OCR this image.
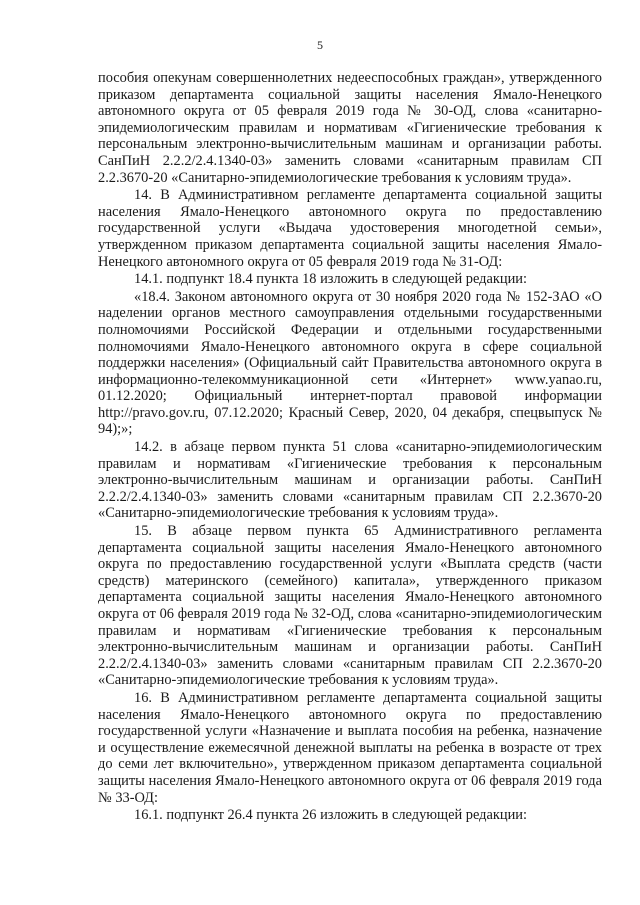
5

пособия опекунам совершеннолетних недееспособных граждан», утвержденного приказом департамента социальной защиты населения Ямало-Ненецкого автономного округа от 05 февраля 2019 года № 30-ОД, слова «санитарно-эпидемиологическим правилам и нормативам «Гигиенические требования к персональным электронно-вычислительным машинам и организации работы. СанПиН 2.2.2/2.4.1340-03» заменить словами «санитарным правилам СП 2.2.3670-20 «Санитарно-эпидемиологические требования к условиям труда».

14. В Административном регламенте департамента социальной защиты населения Ямало-Ненецкого автономного округа по предоставлению государственной услуги «Выдача удостоверения многодетной семьи», утвержденном приказом департамента социальной защиты населения Ямало-Ненецкого автономного округа от 05 февраля 2019 года № 31-ОД:

14.1. подпункт 18.4 пункта 18 изложить в следующей редакции:

«18.4. Законом автономного округа от 30 ноября 2020 года № 152-ЗАО «О наделении органов местного самоуправления отдельными государственными полномочиями Российской Федерации и отдельными государственными полномочиями Ямало-Ненецкого автономного округа в сфере социальной поддержки населения» (Официальный сайт Правительства автономного округа в информационно-телекоммуникационной сети «Интернет» www.yanao.ru, 01.12.2020; Официальный интернет-портал правовой информации http://pravo.gov.ru, 07.12.2020; Красный Север, 2020, 04 декабря, спецвыпуск № 94);»;

14.2. в абзаце первом пункта 51 слова «санитарно-эпидемиологическим правилам и нормативам «Гигиенические требования к персональным электронно-вычислительным машинам и организации работы. СанПиН 2.2.2/2.4.1340-03» заменить словами «санитарным правилам СП 2.2.3670-20 «Санитарно-эпидемиологические требования к условиям труда».

15. В абзаце первом пункта 65 Административного регламента департамента социальной защиты населения Ямало-Ненецкого автономного округа по предоставлению государственной услуги «Выплата средств (части средств) материнского (семейного) капитала», утвержденного приказом департамента социальной защиты населения Ямало-Ненецкого автономного округа от 06 февраля 2019 года № 32-ОД, слова «санитарно-эпидемиологическим правилам и нормативам «Гигиенические требования к персональным электронно-вычислительным машинам и организации работы. СанПиН 2.2.2/2.4.1340-03» заменить словами «санитарным правилам СП 2.2.3670-20 «Санитарно-эпидемиологические требования к условиям труда».

16. В Административном регламенте департамента социальной защиты населения Ямало-Ненецкого автономного округа по предоставлению государственной услуги «Назначение и выплата пособия на ребенка, назначение и осуществление ежемесячной денежной выплаты на ребенка в возрасте от трех до семи лет включительно», утвержденном приказом департамента социальной защиты населения Ямало-Ненецкого автономного округа от 06 февраля 2019 года № 33-ОД:

16.1. подпункт 26.4 пункта 26 изложить в следующей редакции:
